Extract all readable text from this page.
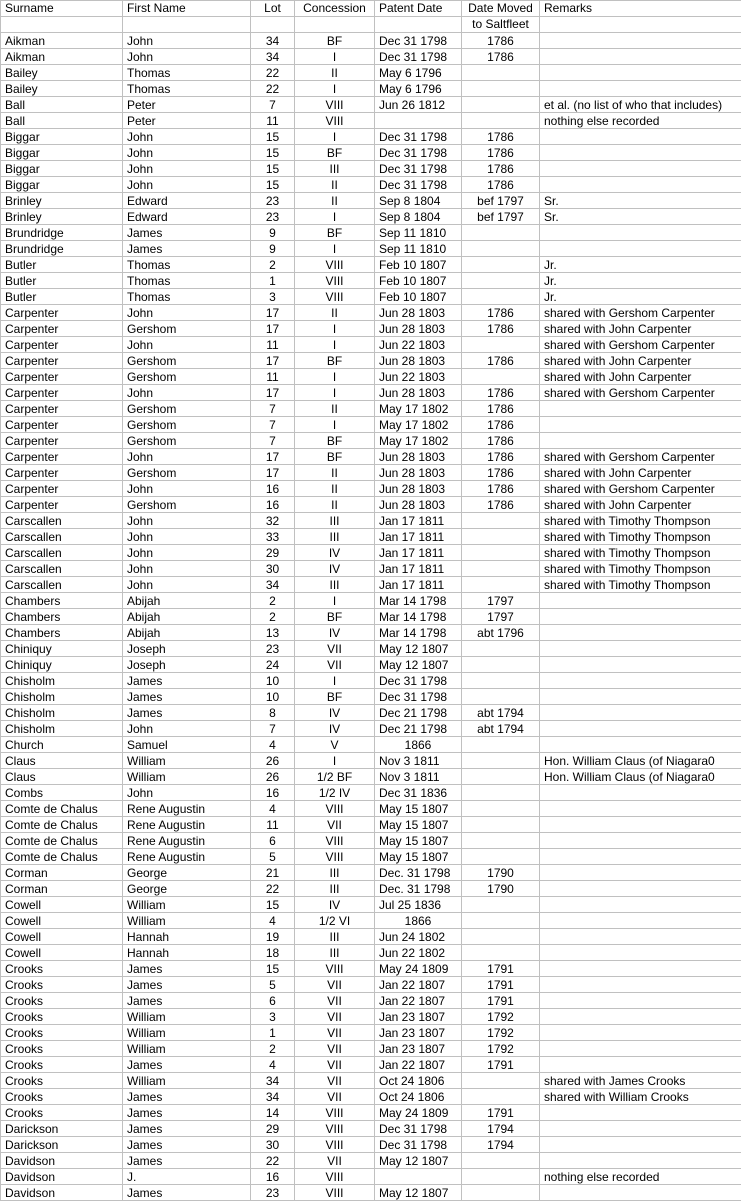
Surname	First Name	Lot	Concession	Patent Date	Date Moved	Remarks
					to Saltfleet	
Aikman	John	34	BF	Dec 31 1798	1786	
Aikman	John	34	I	Dec 31 1798	1786	
Bailey	Thomas	22	II	May 6 1796		
Bailey	Thomas	22	I	May 6 1796		
Ball	Peter	7	VIII	Jun 26 1812		et al. (no list of who that includes)
Ball	Peter	11	VIII			nothing else recorded
Biggar	John	15	I	Dec 31 1798	1786	
Biggar	John	15	BF	Dec 31 1798	1786	
Biggar	John	15	III	Dec 31 1798	1786	
Biggar	John	15	II	Dec 31 1798	1786	
Brinley	Edward	23	II	Sep 8 1804	bef 1797	Sr.
Brinley	Edward	23	I	Sep 8 1804	bef 1797	Sr.
Brundridge	James	9	BF	Sep 11 1810		
Brundridge	James	9	I	Sep 11 1810		
Butler	Thomas	2	VIII	Feb 10 1807		Jr.
Butler	Thomas	1	VIII	Feb 10 1807		Jr.
Butler	Thomas	3	VIII	Feb 10 1807		Jr.
Carpenter	John	17	II	Jun 28 1803	1786	shared with Gershom Carpenter
Carpenter	Gershom	17	I	Jun 28 1803	1786	shared with John Carpenter
Carpenter	John	11	I	Jun 22 1803		shared with Gershom Carpenter
Carpenter	Gershom	17	BF	Jun 28 1803	1786	shared with John Carpenter
Carpenter	Gershom	11	I	Jun 22 1803		shared with John Carpenter
Carpenter	John	17	I	Jun 28 1803	1786	shared with Gershom Carpenter
Carpenter	Gershom	7	II	May 17 1802	1786	
Carpenter	Gershom	7	I	May 17 1802	1786	
Carpenter	Gershom	7	BF	May 17 1802	1786	
Carpenter	John	17	BF	Jun 28 1803	1786	shared with Gershom Carpenter
Carpenter	Gershom	17	II	Jun 28 1803	1786	shared with John Carpenter
Carpenter	John	16	II	Jun 28 1803	1786	shared with Gershom Carpenter
Carpenter	Gershom	16	II	Jun 28 1803	1786	shared with John Carpenter
Carscallen	John	32	III	Jan 17 1811		shared with Timothy Thompson
Carscallen	John	33	III	Jan 17 1811		shared with Timothy Thompson
Carscallen	John	29	IV	Jan 17 1811		shared with Timothy Thompson
Carscallen	John	30	IV	Jan 17 1811		shared with Timothy Thompson
Carscallen	John	34	III	Jan 17 1811		shared with Timothy Thompson
Chambers	Abijah	2	I	Mar 14 1798	1797	
Chambers	Abijah	2	BF	Mar 14 1798	1797	
Chambers	Abijah	13	IV	Mar 14 1798	abt 1796	
Chiniquy	Joseph	23	VII	May 12 1807		
Chiniquy	Joseph	24	VII	May 12 1807		
Chisholm	James	10	I	Dec 31 1798		
Chisholm	James	10	BF	Dec 31 1798		
Chisholm	James	8	IV	Dec 21 1798	abt 1794	
Chisholm	John	7	IV	Dec 21 1798	abt 1794	
Church	Samuel	4	V	1866		
Claus	William	26	I	Nov 3 1811		Hon. William Claus (of Niagara0
Claus	William	26	1/2 BF	Nov 3 1811		Hon. William Claus (of Niagara0
Combs	John	16	1/2 IV	Dec 31 1836		
Comte de Chalus	Rene Augustin	4	VIII	May 15 1807		
Comte de Chalus	Rene Augustin	11	VII	May 15 1807		
Comte de Chalus	Rene Augustin	6	VIII	May 15 1807		
Comte de Chalus	Rene Augustin	5	VIII	May 15 1807		
Corman	George	21	III	Dec. 31 1798	1790	
Corman	George	22	III	Dec. 31 1798	1790	
Cowell	William	15	IV	Jul 25 1836		
Cowell	William	4	1/2 VI	1866		
Cowell	Hannah	19	III	Jun 24 1802		
Cowell	Hannah	18	III	Jun 22 1802		
Crooks	James	15	VIII	May 24 1809	1791	
Crooks	James	5	VII	Jan 22 1807	1791	
Crooks	James	6	VII	Jan 22 1807	1791	
Crooks	William	3	VII	Jan 23 1807	1792	
Crooks	William	1	VII	Jan 23 1807	1792	
Crooks	William	2	VII	Jan 23 1807	1792	
Crooks	James	4	VII	Jan 22 1807	1791	
Crooks	William	34	VII	Oct 24 1806		shared with James Crooks
Crooks	James	34	VII	Oct 24 1806		shared with William Crooks
Crooks	James	14	VIII	May 24 1809	1791	
Darickson	James	29	VIII	Dec 31 1798	1794	
Darickson	James	30	VIII	Dec 31 1798	1794	
Davidson	James	22	VII	May 12 1807		
Davidson	J.	16	VIII			nothing else recorded
Davidson	James	23	VIII	May 12 1807		
